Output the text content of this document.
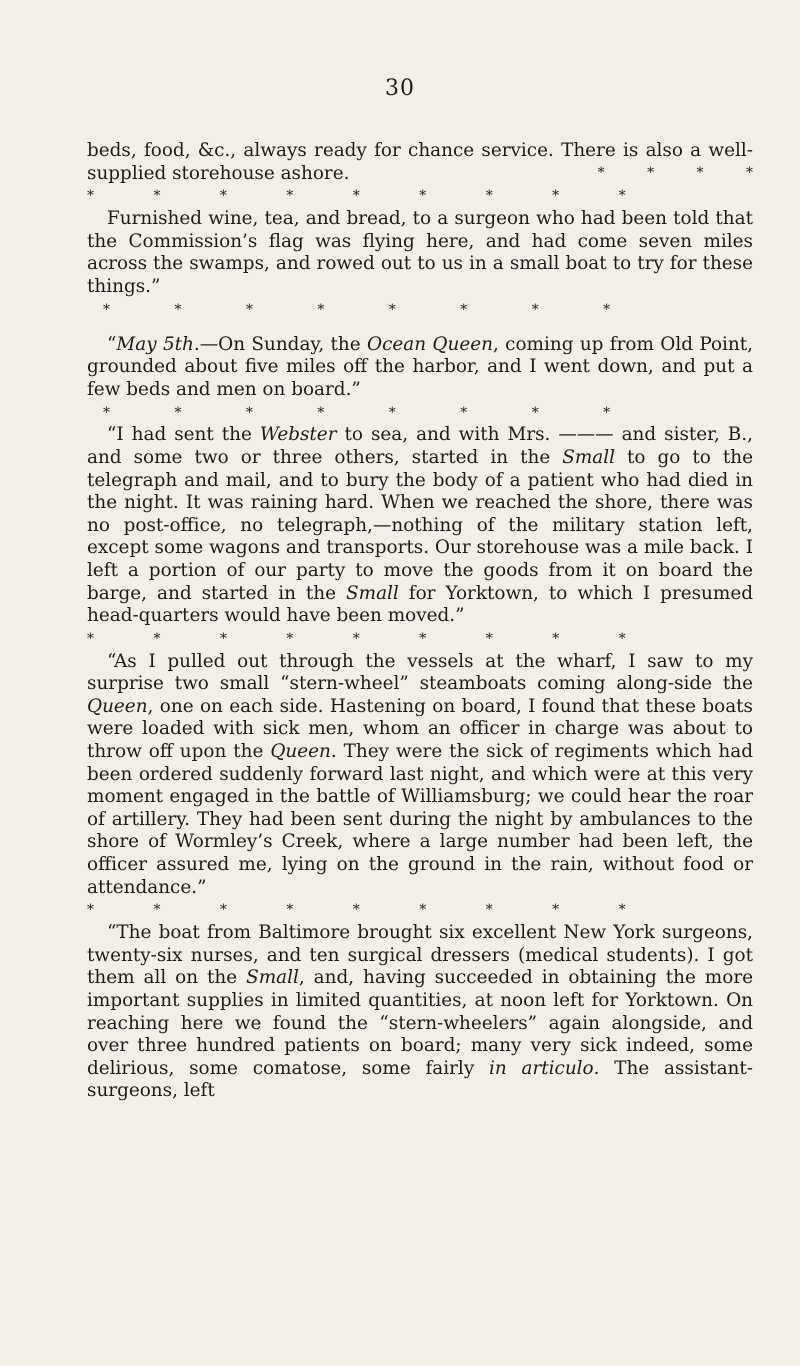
30

beds, food, &c., always ready for chance service. There is also a well-supplied storehouse ashore.	* * * *
* * * * * * * * *

Furnished wine, tea, and bread, to a surgeon who had been told that the Commission’s flag was flying here, and had come seven miles across the swamps, and rowed out to us in a small boat to try for these things.”

* * * * * * * *

“May 5th.—On Sunday, the Ocean Queen, coming up from Old Point, grounded about five miles off the harbor, and I went down, and put a few beds and men on board.”

* * * * * * * *

“I had sent the Webster to sea, and with Mrs. ——— and sister, B., and some two or three others, started in the Small to go to the telegraph and mail, and to bury the body of a patient who had died in the night. It was raining hard. When we reached the shore, there was no post-office, no telegraph,—nothing of the military station left, except some wagons and transports. Our storehouse was a mile back. I left a portion of our party to move the goods from it on board the barge, and started in the Small for Yorktown, to which I presumed head-quarters would have been moved.”

* * * * * * * * *

“As I pulled out through the vessels at the wharf, I saw to my surprise two small “stern-wheel” steamboats coming along-side the Queen, one on each side. Hastening on board, I found that these boats were loaded with sick men, whom an officer in charge was about to throw off upon the Queen. They were the sick of regiments which had been ordered suddenly forward last night, and which were at this very moment engaged in the battle of Williamsburg; we could hear the roar of artillery. They had been sent during the night by ambulances to the shore of Wormley’s Creek, where a large number had been left, the officer assured me, lying on the ground in the rain, without food or attendance.”

* * * * * * * * *

“The boat from Baltimore brought six excellent New York surgeons, twenty-six nurses, and ten surgical dressers (medical students). I got them all on the Small, and, having succeeded in obtaining the more important supplies in limited quantities, at noon left for Yorktown. On reaching here we found the “stern-wheelers” again alongside, and over three hundred patients on board; many very sick indeed, some delirious, some comatose, some fairly in articulo. The assistant-surgeons, left
